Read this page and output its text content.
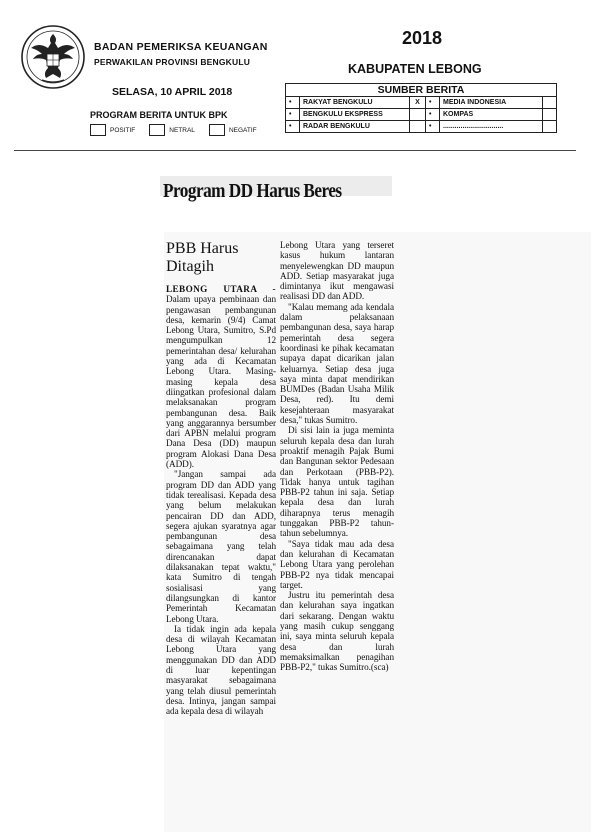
BADAN PEMERIKSA KEUANGAN
PERWAKILAN PROVINSI BENGKULU
SELASA, 10 APRIL 2018
PROGRAM BERITA UNTUK BPK
POSITIF	NETRAL	NEGATIF
2018
KABUPATEN LEBONG
SUMBER BERITA					
•	RAKYAT BENGKULU	X	•	MEDIA INDONESIA	
•	BENGKULU EKSPRESS		•	KOMPAS	
•	RADAR BENGKULU		•	...............................	
Program DD Harus Beres
PBB Harus Ditagih
LEBONG UTARA - Dalam upaya pembinaan dan pengawasan pembangunan desa, kemarin (9/4) Camat Lebong Utara, Sumitro, S.Pd mengumpulkan 12 pemerintahan desa/ kelurahan yang ada di Kecamatan Lebong Utara. Masing-masing kepala desa diingatkan profesional dalam melaksanakan program pembangunan desa. Baik yang anggarannya bersumber dari APBN melalui program Dana Desa (DD) maupun program Alokasi Dana Desa (ADD).

"Jangan sampai ada program DD dan ADD yang tidak terealisasi. Kepada desa yang belum melakukan pencairan DD dan ADD, segera ajukan syaratnya agar pembangunan desa sebagaimana yang telah direncanakan dapat dilaksanakan tepat waktu," kata Sumitro di tengah sosialisasi yang dilangsungkan di kantor Pemerintah Kecamatan Lebong Utara.

Ia tidak ingin ada kepala desa di wilayah Kecamatan Lebong Utara yang menggunakan DD dan ADD di luar kepentingan masyarakat sebagaimana yang telah diusul pemerintah desa. Intinya, jangan sampai ada kepala desa di wilayah

Lebong Utara yang terseret kasus hukum lantaran menyelewengkan DD maupun ADD. Setiap masyarakat juga dimintanya ikut mengawasi realisasi DD dan ADD.

"Kalau memang ada kendala dalam pelaksanaan pembangunan desa, saya harap pemerintah desa segera koordinasi ke pihak kecamatan supaya dapat dicarikan jalan keluarnya. Setiap desa juga saya minta dapat mendirikan BUMDes (Badan Usaha Milik Desa, red). Itu demi kesejahteraan masyarakat desa," tukas Sumitro.

Di sisi lain ia juga meminta seluruh kepala desa dan lurah proaktif menagih Pajak Bumi dan Bangunan sektor Pedesaan dan Perkotaan (PBB-P2). Tidak hanya untuk tagihan PBB-P2 tahun ini saja. Setiap kepala desa dan lurah diharapnya terus menagih tunggakan PBB-P2 tahun-tahun sebelumnya.

"Saya tidak mau ada desa dan kelurahan di Kecamatan Lebong Utara yang perolehan PBB-P2 nya tidak mencapai target.

Justru itu pemerintah desa dan kelurahan saya ingatkan dari sekarang. Dengan waktu yang masih cukup senggang ini, saya minta seluruh kepala desa dan lurah memaksimalkan penagihan PBB-P2," tukas Sumitro.(sca)
